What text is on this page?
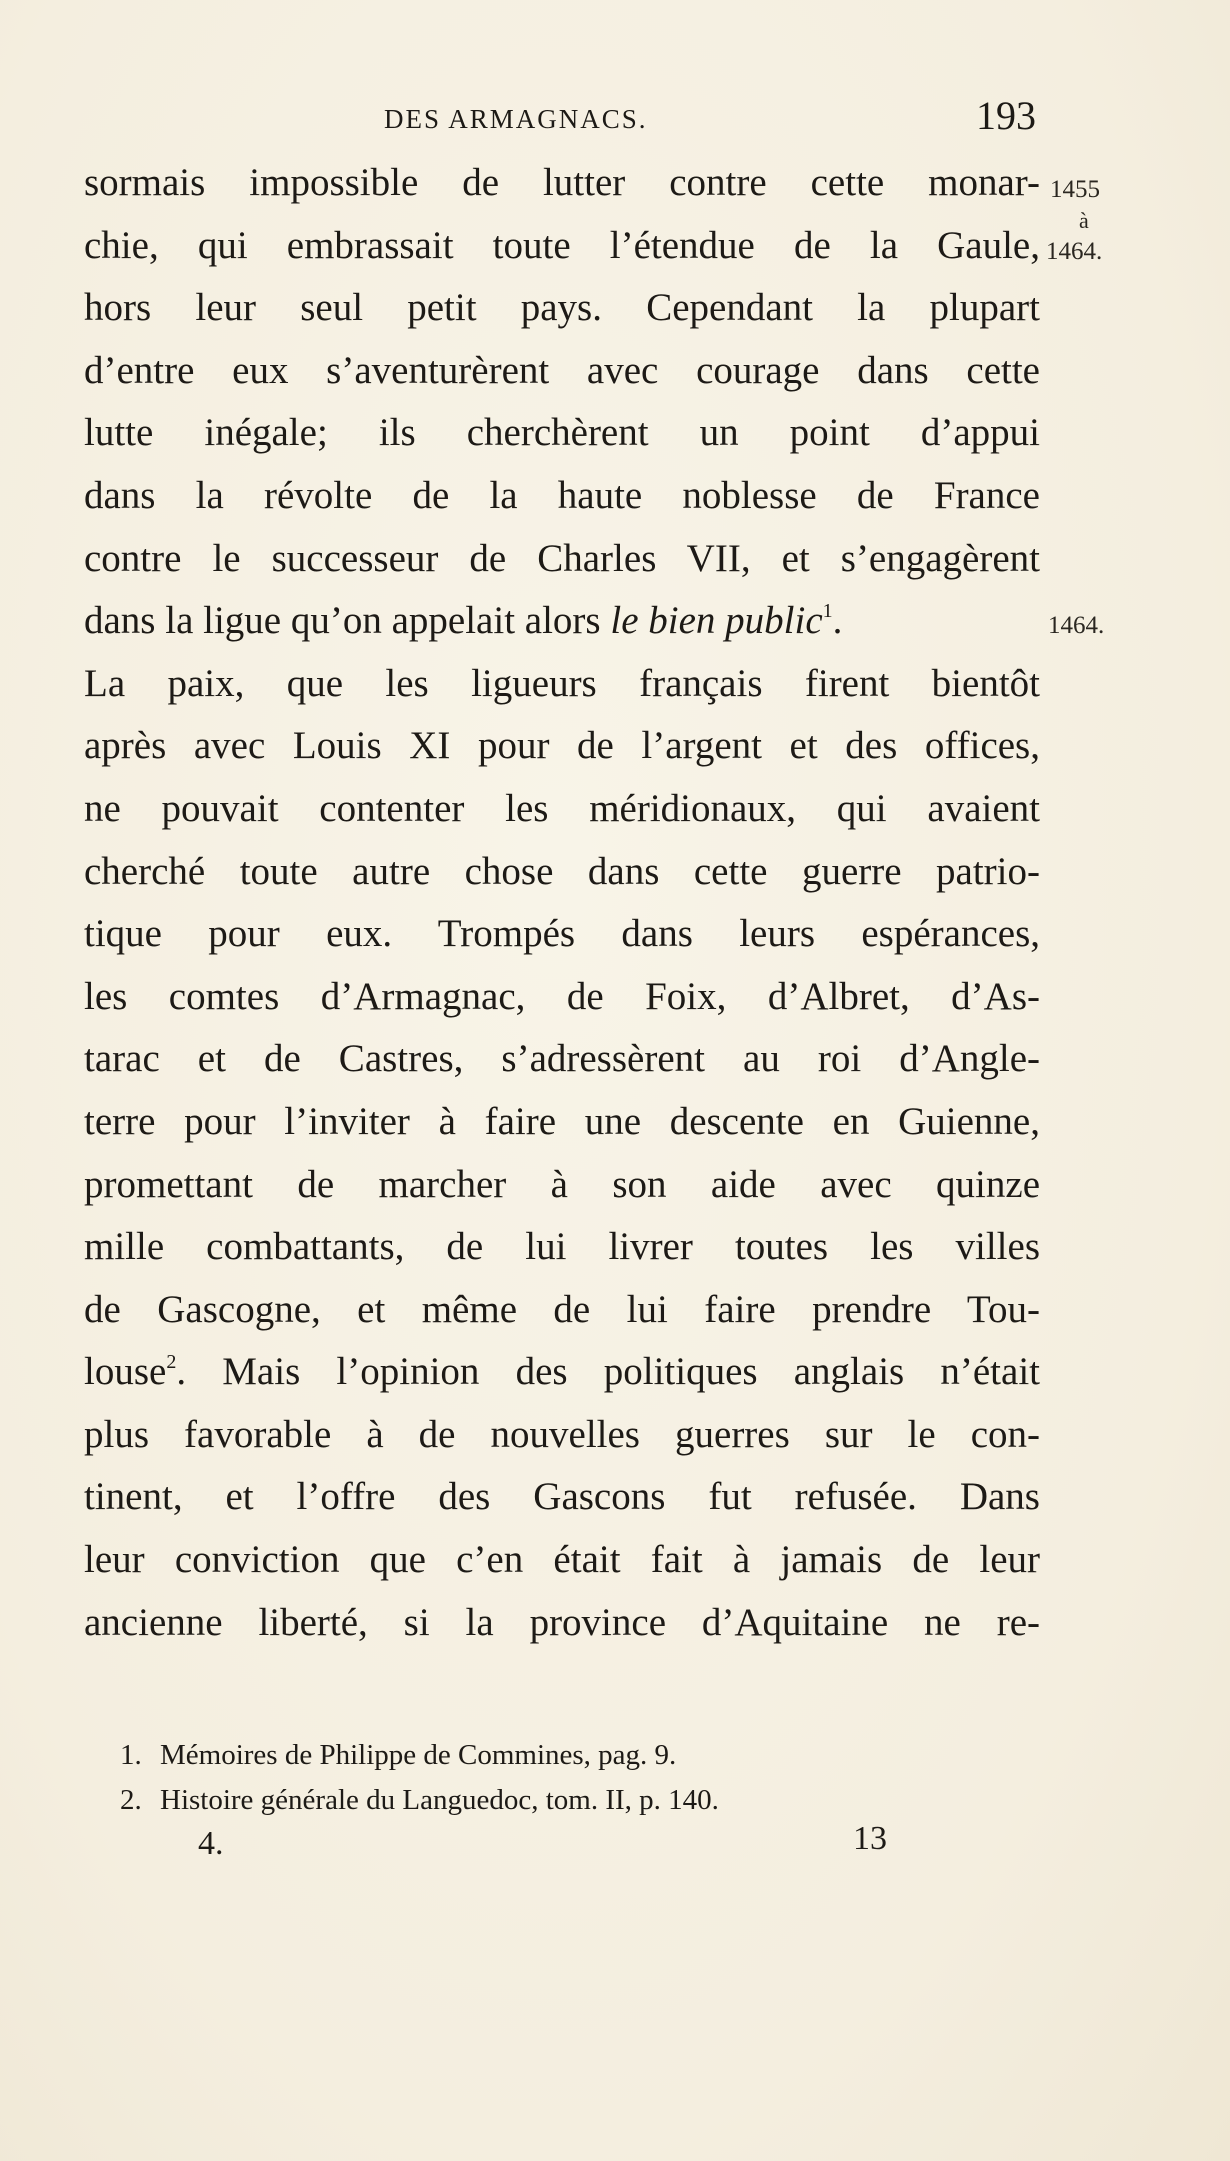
DES ARMAGNACS.	193
sormais impossible de lutter contre cette monar-
chie, qui embrassait toute l’étendue de la Gaule,
hors leur seul petit pays. Cependant la plupart
d’entre eux s’aventurèrent avec courage dans cette
lutte inégale; ils cherchèrent un point d’appui
dans la révolte de la haute noblesse de France
contre le successeur de Charles VII, et s’engagèrent
dans la ligue qu’on appelait alors le bien public$^1$.
La paix, que les ligueurs français firent bientôt
après avec Louis XI pour de l’argent et des offices,
ne pouvait contenter les méridionaux, qui avaient
cherché toute autre chose dans cette guerre patrio-
tique pour eux. Trompés dans leurs espérances,
les comtes d’Armagnac, de Foix, d’Albret, d’As-
tarac et de Castres, s’adressèrent au roi d’Angle-
terre pour l’inviter à faire une descente en Guienne,
promettant de marcher à son aide avec quinze
mille combattants, de lui livrer toutes les villes
de Gascogne, et même de lui faire prendre Tou-
louse$^2$. Mais l’opinion des politiques anglais n’était
plus favorable à de nouvelles guerres sur le con-
tinent, et l’offre des Gascons fut refusée. Dans
leur conviction que c’en était fait à jamais de leur
ancienne liberté, si la province d’Aquitaine ne re-
1455
à
1464.
1464.
1. Mémoires de Philippe de Commines, pag. 9.
2. Histoire générale du Languedoc, tom. II, p. 140.
4.	13
